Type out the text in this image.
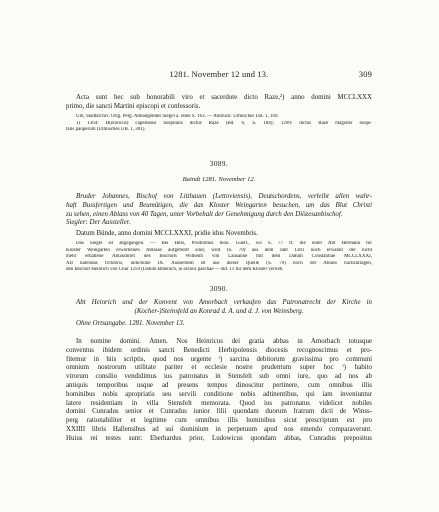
1281. November 12 und 13.	309
Acta sunt hec sub honorabili viro et sacerdote dicto Raze,²) anno domini MCCLXXX
primo, die sancti Martini episcopi et confessoris.
Um, Stadtarchiv. Orig. Perg. Abhangendes Siegel a. oben S. 163. — Abdruck: Ulmisches UB. 1, 169.
1) 1364: H(einricus) capellanus hospitalis dictus Raze (Bd. 6, S. 184); 1299: dictus Raze magister hospi-
talis pauperum (Ulmisches UB. 1, 201).
3089.
Baindt 1281. November 12.
Bruder Johannes, Bischof von Litthauen (Lettoviensis), Deutschordens, verleiht allen wahr-
haft Bussfertigen und Beumütigen, die das Kloster Weingarten besuchen, um das Blut Christi
zu sehen, einen Ablass von 40 Tagen, unter Vorbehalt der Genehmigung durch den Diözesanbischof.
Siegler: Der Aussteller.
Datum Bünde, anno domini MCCLXXXI, pridie idus Novembris.
Das Siegel ist abgegangen. — Bei Hess, Prodromus mon. Guelf., wo S. 77 ff. die unter Abt Hermann für
Kloster Weingarten erworbenen Ablässe aufgeführt sind, wird (S. 79) aus dem Jahr 1281 noch erwähnt der nicht
mehr erhaltene Ablassbrief des Bischofs Wilhelm von Lausanne mit dem Datum Constantiae MCCLXXXI,
XII kalendas Octobris, indictione IX. Ausserdem ist aus dieser Quelle (S. 79) noch der Ablass nachzutragen,
den Bischof Heinrich von Chur 1259 (Datum Biberach, in octava paschae — Bd. 11 für dem Kloster verlieh.
3090.
Abt Heinrich und der Konvent von Amorbach verkaufen das Patronatrecht der Kirche in
(Kocher-)Steinsfeld an Konrad d. Ä. und d. J. von Weinsberg.
Ohne Ortsangabe. 1281. November 13.
In nomine domini. Amen. Nos Heinricus dei gratia abbas in Amorbach totusque
conventus ibidem ordinis sancti Benedicti Herbipolensis diocesis recognoscimus et pro-
fitemur in hiis scriptis, quod nos urgente ⁱ) sarcina debitorum gravissima pro communi
omnium nostrorum utilitate pariter et ecclesie nostre prudentum super hoc ⁱ) habito
virorum consilio vendidimus ius patronatus in Stensfelt sub omni iure, quo ad nos ab
antiquis temporibus usque ad presens tempus dinoscitur pertinere, cum omnibus illis
hominibus nobis apropriatis seu servili conditione nobis adtinentibus, qui iam inveniuntur
latere residentiam in villa Stensfelt memorata. Quod ius patronatus videlicet nobiles
domini Cunradus senior et Cunradus iunior filii quondam duorum fratrum dicti de Winss-
perg rationabiliter et legitime cum omnibus illis hominibus sicut prescriptum est pro
XXIIII libris Hallensibus ad sui dominium in perpetuum apud nos emendo comparaverunt.
Huius rei testes sunt: Eberhardus prior, Ludowicus quondam abbas, Cunradus prepositus
